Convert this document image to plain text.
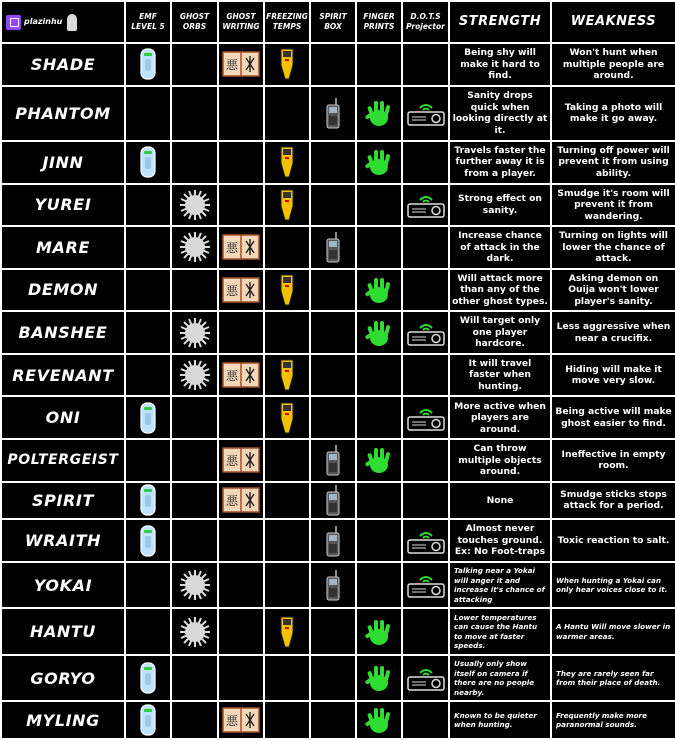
plazinhu	EMF LEVEL 5	GHOST ORBS	GHOST WRITING	FREEZING TEMPS	SPIRIT BOX	FINGER PRINTS	D.O.T.S Projector	STRENGTH	WEAKNESS
SHADE			悪					Being shy will make it hard to find.	Won't hunt when multiple people are around.
PHANTOM								Sanity drops quick when looking directly at it.	Taking a photo will make it go away.
JINN								Travels faster the further away it is from a player.	Turning off power will prevent it from using ability.
YUREI								Strong effect on sanity.	Smudge it's room will prevent it from wandering.
MARE			悪					Increase chance of attack in the dark.	Turning on lights will lower the chance of attack.
DEMON			悪					Will attack more than any of the other ghost types.	Asking demon on Ouija won't lower player's sanity.
BANSHEE								Will target only one player hardcore.	Less aggressive when near a crucifix.
REVENANT			悪					It will travel faster when hunting.	Hiding will make it move very slow.
ONI								More active when players are around.	Being active will make ghost easier to find.
POLTERGEIST			悪					Can throw multiple objects around.	Ineffective in empty room.
SPIRIT			悪					None	Smudge sticks stops attack for a period.
WRAITH								Almost never touches ground. Ex: No Foot-traps	Toxic reaction to salt.
YOKAI								Talking near a Yokai will anger it and increase it's chance of attacking	When hunting a Yokai can only hear voices close to it.
HANTU								Lower temperatures can cause the Hantu to move at faster speeds.	A Hantu Will move slower in warmer areas.
GORYO								Usually only show itself on camera if there are no people nearby.	They are rarely seen far from their place of death.
MYLING			悪					Known to be quieter when hunting.	Frequently make more paranormal sounds.
